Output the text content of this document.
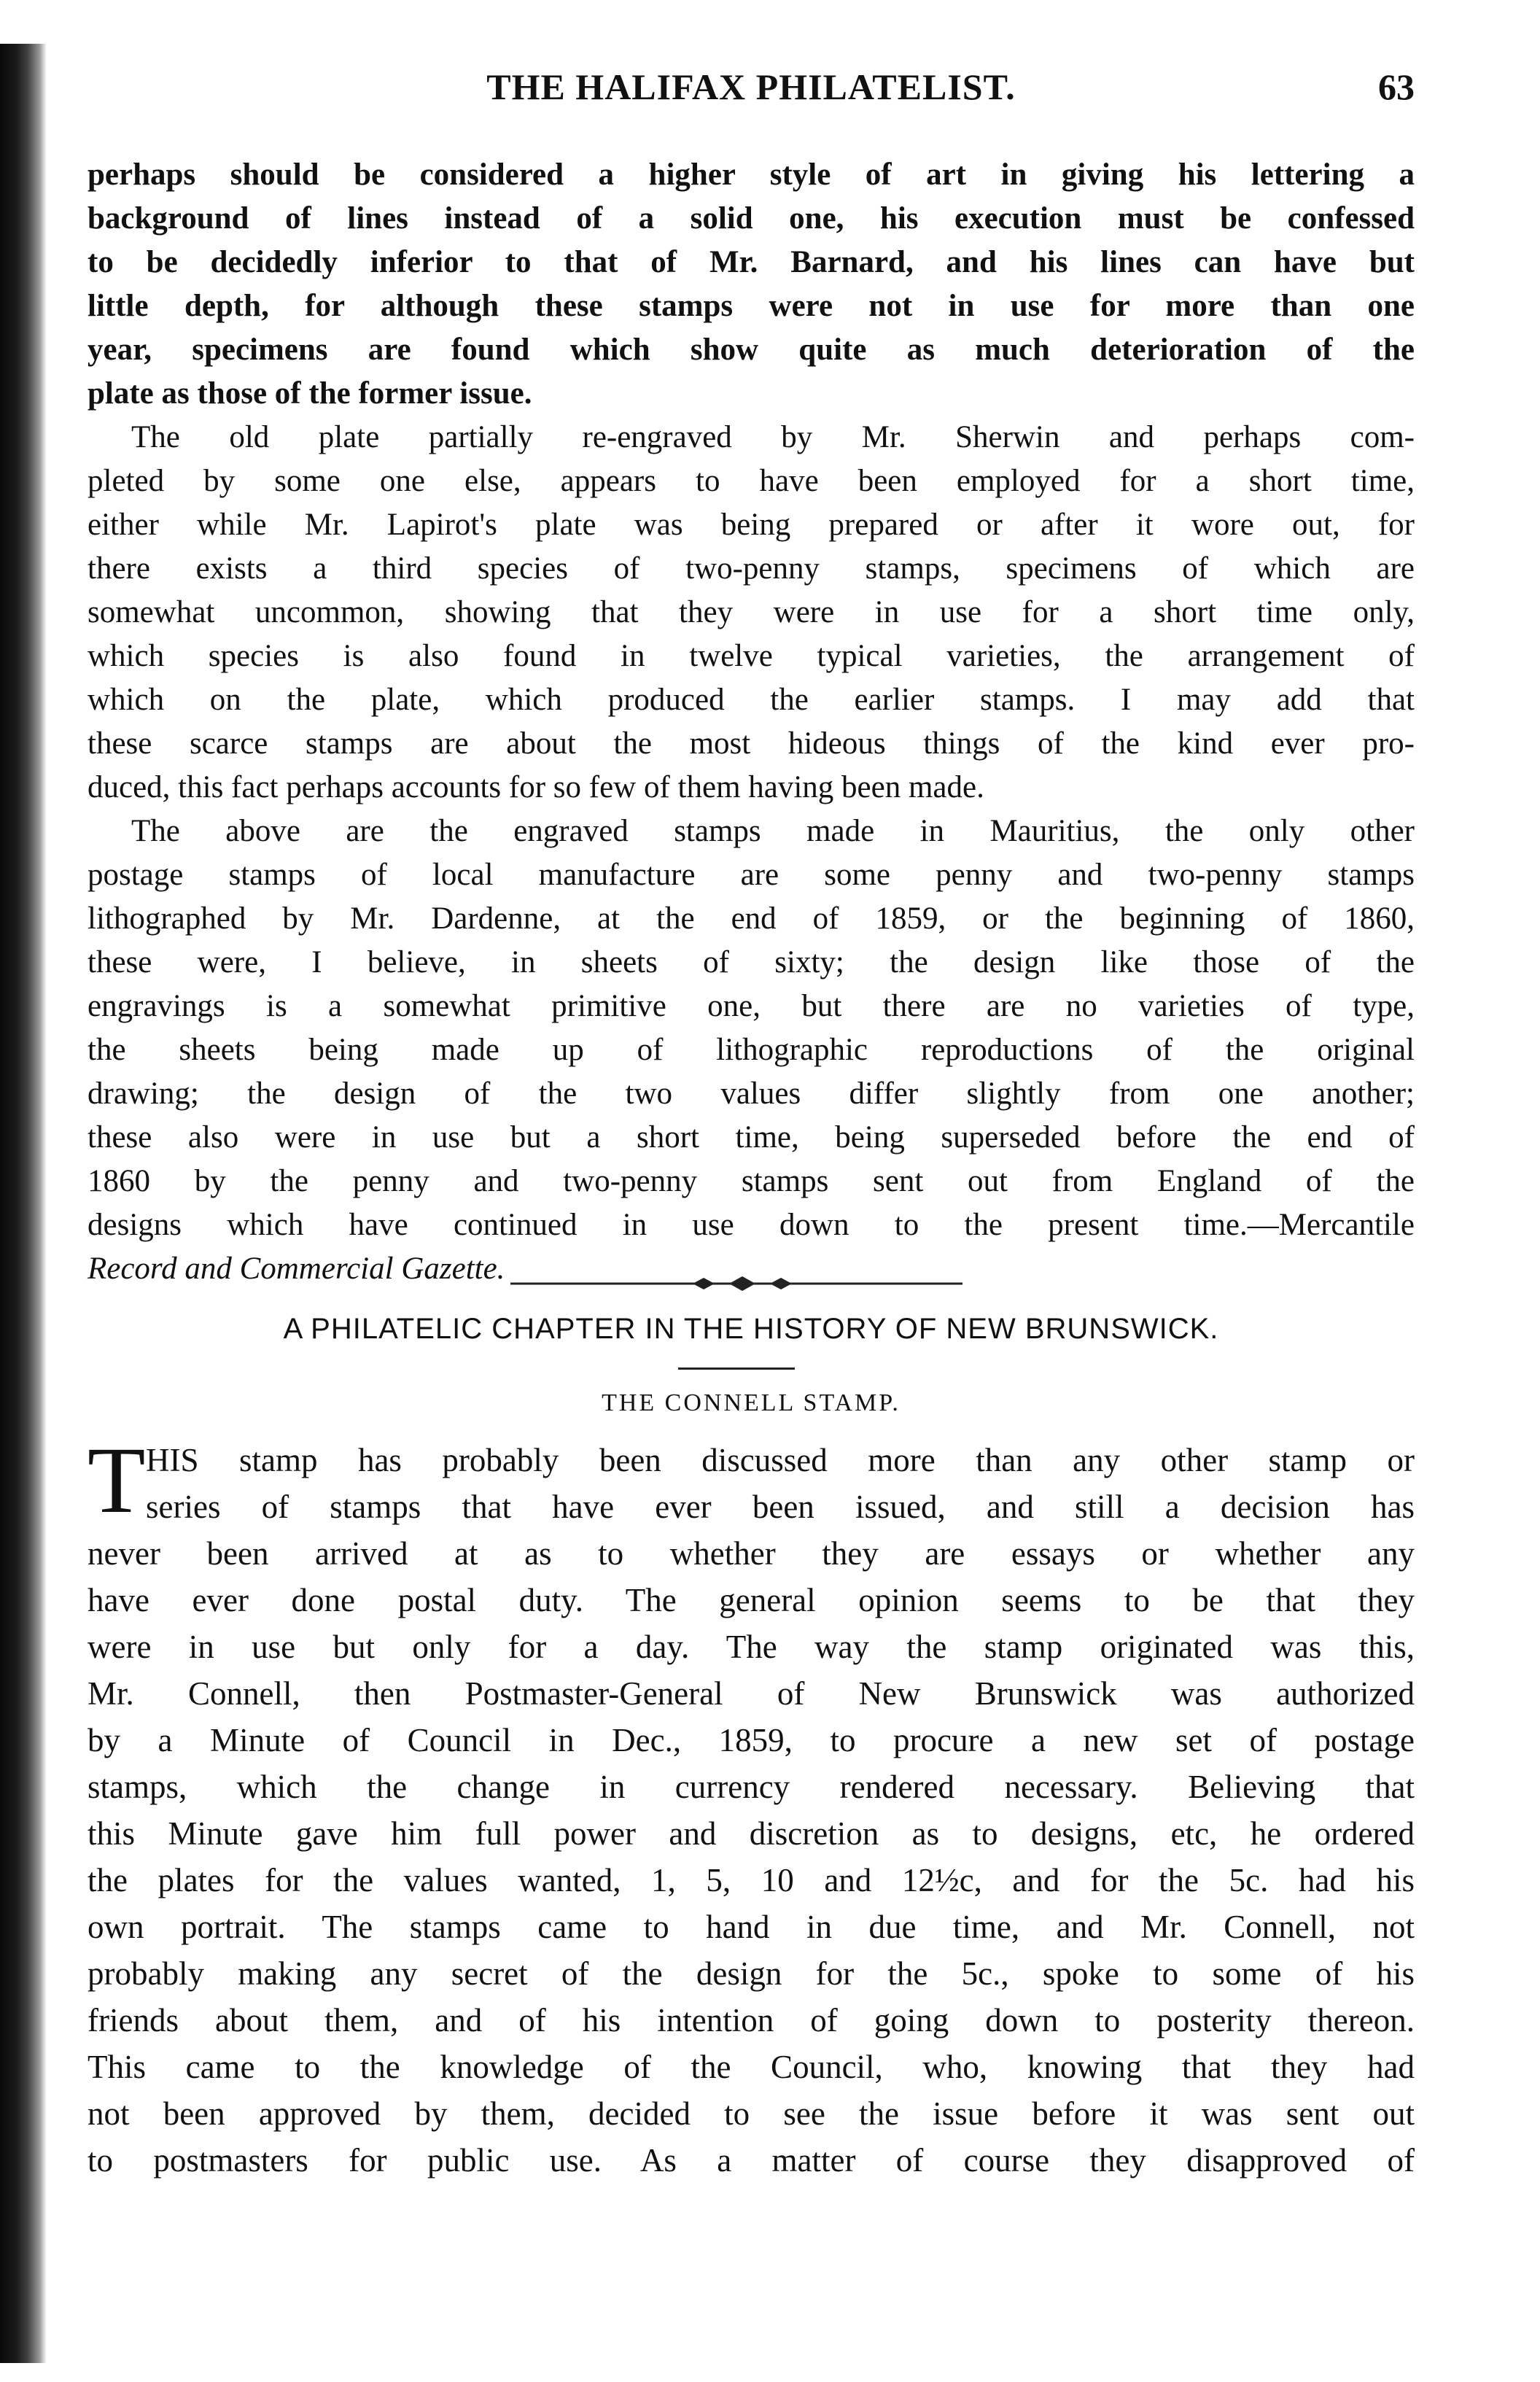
THE HALIFAX PHILATELIST.	63
perhaps should be considered a higher style of art in giving his lettering a
background of lines instead of a solid one, his execution must be confessed
to be decidedly inferior to that of Mr. Barnard, and his lines can have but
little depth, for although these stamps were not in use for more than one
year, specimens are found which show quite as much deterioration of the
plate as those of the former issue.
The old plate partially re-engraved by Mr. Sherwin and perhaps com-
pleted by some one else, appears to have been employed for a short time,
either while Mr. Lapirot's plate was being prepared or after it wore out, for
there exists a third species of two-penny stamps, specimens of which are
somewhat uncommon, showing that they were in use for a short time only,
which species is also found in twelve typical varieties, the arrangement of
which on the plate, which produced the earlier stamps. I may add that
these scarce stamps are about the most hideous things of the kind ever pro-
duced, this fact perhaps accounts for so few of them having been made.
The above are the engraved stamps made in Mauritius, the only other
postage stamps of local manufacture are some penny and two-penny stamps
lithographed by Mr. Dardenne, at the end of 1859, or the beginning of 1860,
these were, I believe, in sheets of sixty; the design like those of the
engravings is a somewhat primitive one, but there are no varieties of type,
the sheets being made up of lithographic reproductions of the original
drawing; the design of the two values differ slightly from one another;
these also were in use but a short time, being superseded before the end of
1860 by the penny and two-penny stamps sent out from England of the
designs which have continued in use down to the present time.—Mercantile
Record and Commercial Gazette.
A PHILATELIC CHAPTER IN THE HISTORY OF NEW BRUNSWICK.
THE CONNELL STAMP.
T HIS stamp has probably been discussed more than any other stamp or
series of stamps that have ever been issued, and still a decision has
never been arrived at as to whether they are essays or whether any
have ever done postal duty. The general opinion seems to be that they
were in use but only for a day. The way the stamp originated was this,
Mr. Connell, then Postmaster-General of New Brunswick was authorized
by a Minute of Council in Dec., 1859, to procure a new set of postage
stamps, which the change in currency rendered necessary. Believing that
this Minute gave him full power and discretion as to designs, etc, he ordered
the plates for the values wanted, 1, 5, 10 and 12½c, and for the 5c. had his
own portrait. The stamps came to hand in due time, and Mr. Connell, not
probably making any secret of the design for the 5c., spoke to some of his
friends about them, and of his intention of going down to posterity thereon.
This came to the knowledge of the Council, who, knowing that they had
not been approved by them, decided to see the issue before it was sent out
to postmasters for public use. As a matter of course they disapproved of
